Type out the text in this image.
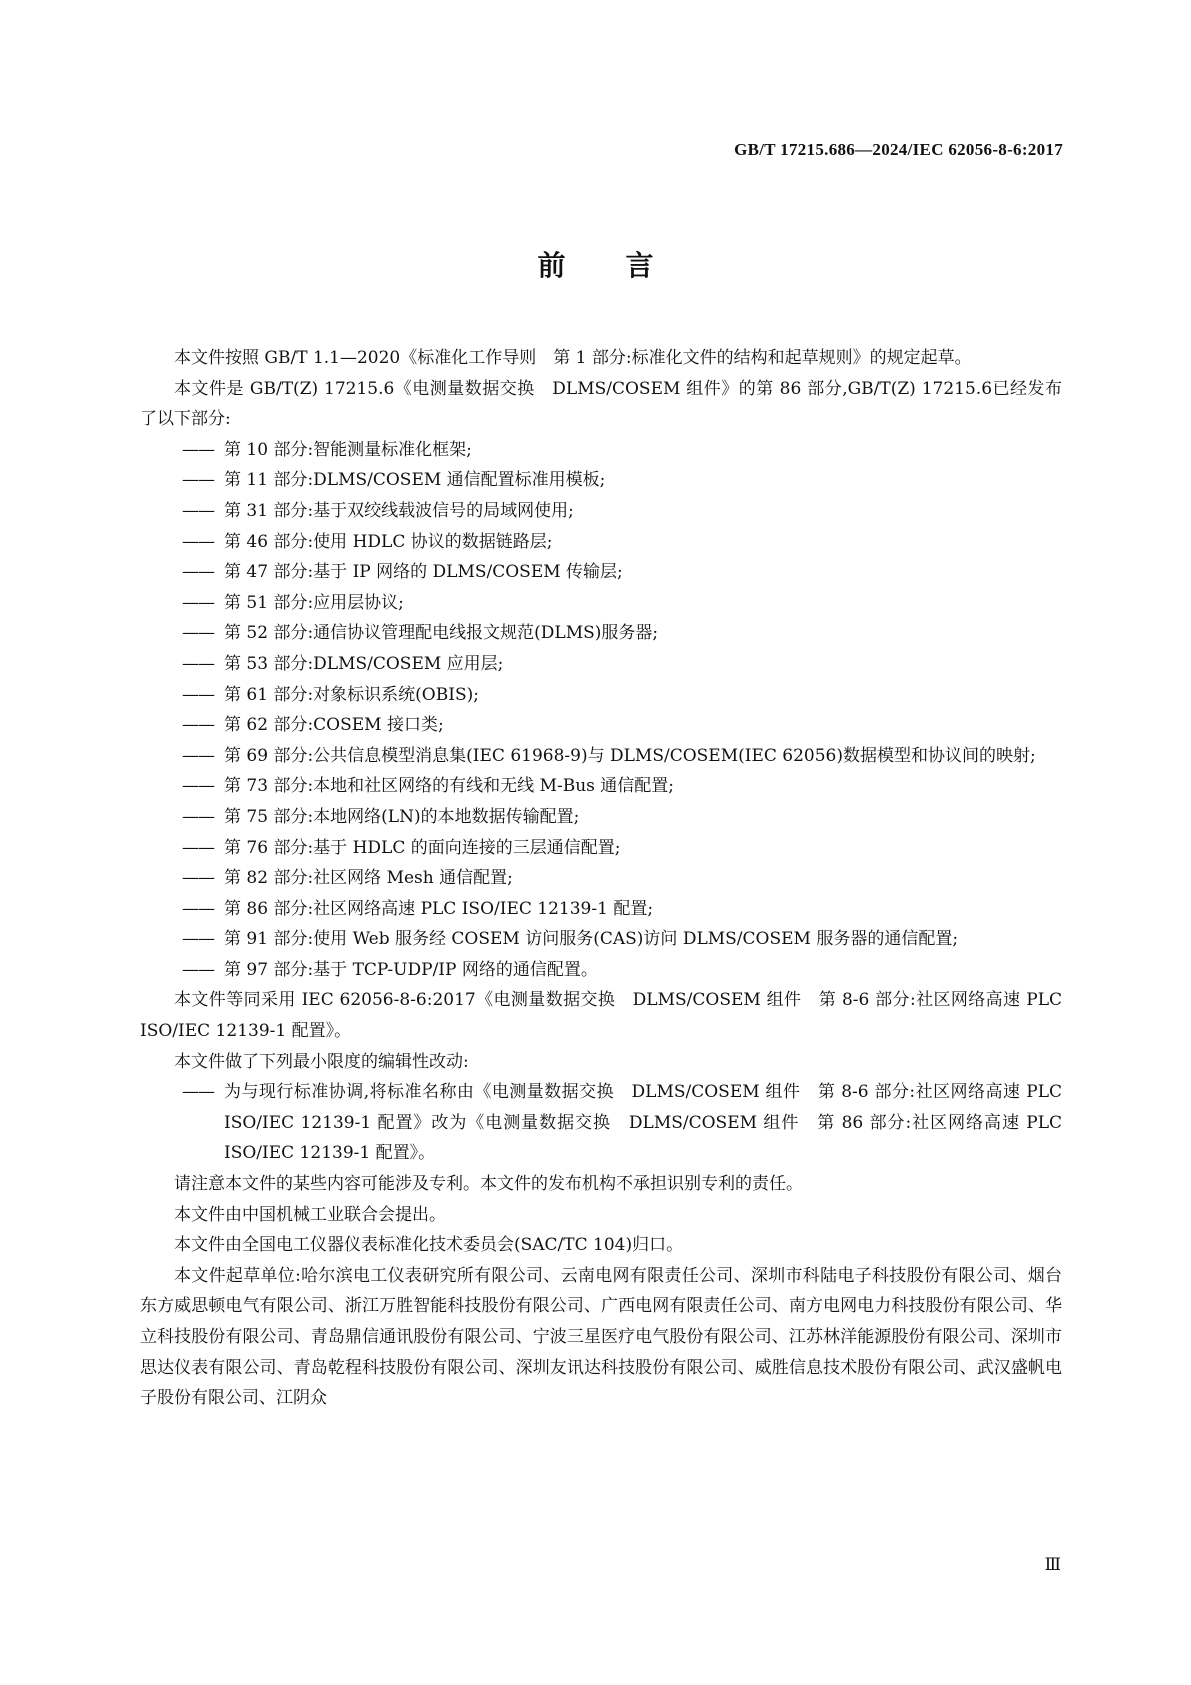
GB/T 17215.686—2024/IEC 62056-8-6:2017
前言

本文件按照 GB/T 1.1—2020《标准化工作导则　第 1 部分:标准化文件的结构和起草规则》的规定起草。

本文件是 GB/T(Z) 17215.6《电测量数据交换　DLMS/COSEM 组件》的第 86 部分,GB/T(Z) 17215.6已经发布了以下部分:

—— 第 10 部分:智能测量标准化框架;
—— 第 11 部分:DLMS/COSEM 通信配置标准用模板;
—— 第 31 部分:基于双绞线载波信号的局域网使用;
—— 第 46 部分:使用 HDLC 协议的数据链路层;
—— 第 47 部分:基于 IP 网络的 DLMS/COSEM 传输层;
—— 第 51 部分:应用层协议;
—— 第 52 部分:通信协议管理配电线报文规范(DLMS)服务器;
—— 第 53 部分:DLMS/COSEM 应用层;
—— 第 61 部分:对象标识系统(OBIS);
—— 第 62 部分:COSEM 接口类;
—— 第 69 部分:公共信息模型消息集(IEC 61968-9)与 DLMS/COSEM(IEC 62056)数据模型和协议间的映射;
—— 第 73 部分:本地和社区网络的有线和无线 M-Bus 通信配置;
—— 第 75 部分:本地网络(LN)的本地数据传输配置;
—— 第 76 部分:基于 HDLC 的面向连接的三层通信配置;
—— 第 82 部分:社区网络 Mesh 通信配置;
—— 第 86 部分:社区网络高速 PLC ISO/IEC 12139-1 配置;
—— 第 91 部分:使用 Web 服务经 COSEM 访问服务(CAS)访问 DLMS/COSEM 服务器的通信配置;
—— 第 97 部分:基于 TCP-UDP/IP 网络的通信配置。

本文件等同采用 IEC 62056-8-6:2017《电测量数据交换　DLMS/COSEM 组件　第 8-6 部分:社区网络高速 PLC ISO/IEC 12139-1 配置》。

本文件做了下列最小限度的编辑性改动:

—— 为与现行标准协调,将标准名称由《电测量数据交换　DLMS/COSEM 组件　第 8-6 部分:社区网络高速 PLC ISO/IEC 12139-1 配置》改为《电测量数据交换　DLMS/COSEM 组件　第 86 部分:社区网络高速 PLC ISO/IEC 12139-1 配置》。

请注意本文件的某些内容可能涉及专利。本文件的发布机构不承担识别专利的责任。

本文件由中国机械工业联合会提出。

本文件由全国电工仪器仪表标准化技术委员会(SAC/TC 104)归口。

本文件起草单位:哈尔滨电工仪表研究所有限公司、云南电网有限责任公司、深圳市科陆电子科技股份有限公司、烟台东方威思顿电气有限公司、浙江万胜智能科技股份有限公司、广西电网有限责任公司、南方电网电力科技股份有限公司、华立科技股份有限公司、青岛鼎信通讯股份有限公司、宁波三星医疗电气股份有限公司、江苏林洋能源股份有限公司、深圳市思达仪表有限公司、青岛乾程科技股份有限公司、深圳友讯达科技股份有限公司、威胜信息技术股份有限公司、武汉盛帆电子股份有限公司、江阴众

Ⅲ
